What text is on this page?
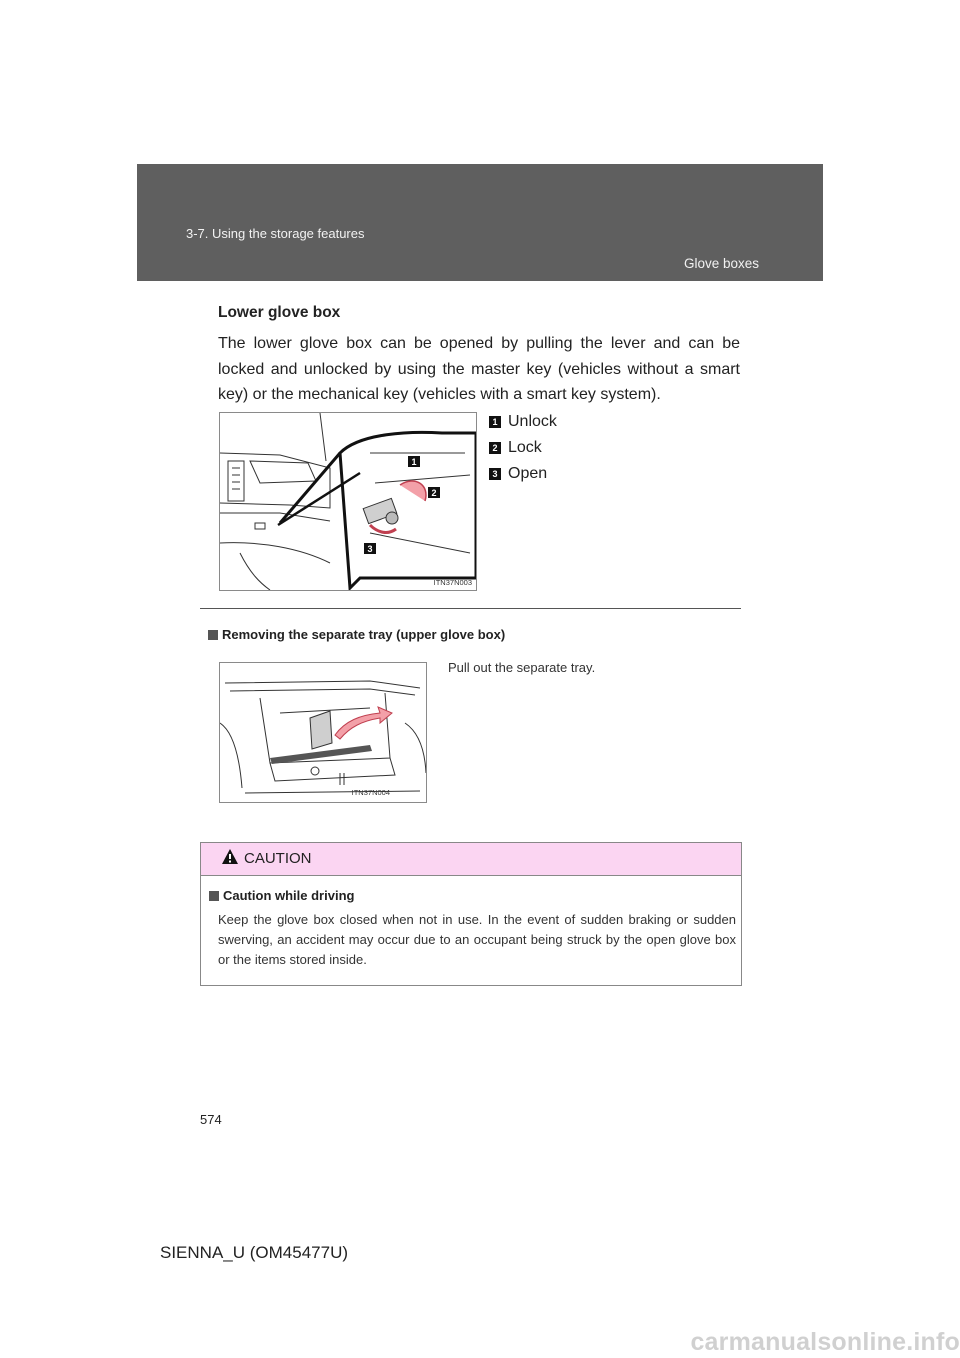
Glove boxes
3-7. Using the storage features
Lower glove box
The lower glove box can be opened by pulling the lever and can be locked and unlocked by using the master key (vehicles without a smart key) or the mechanical key (vehicles with a smart key system).
1
2
3
ITN37N003
1 Unlock
2 Lock
3 Open
Removing the separate tray (upper glove box)
Pull out the separate tray.
ITN37N004
CAUTION
Caution while driving
Keep the glove box closed when not in use. In the event of sudden braking or sudden swerving, an accident may occur due to an occupant being struck by the open glove box or the items stored inside.
574
SIENNA_U (OM45477U)
carmanualsonline.info
